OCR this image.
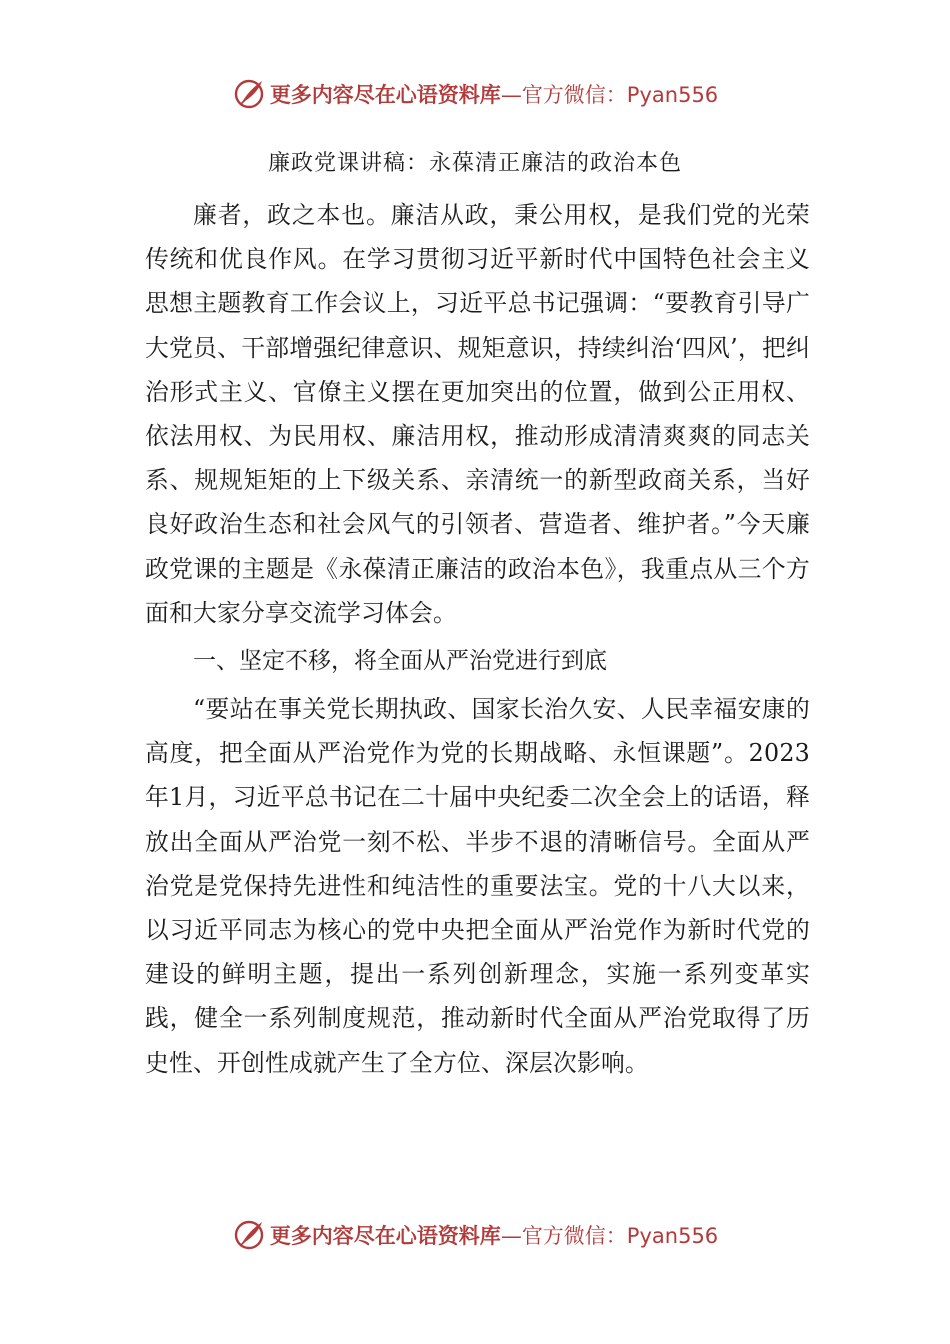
更多内容尽在心语资料库—官方微信：Pyan556
廉政党课讲稿：永葆清正廉洁的政治本色

廉者，政之本也。廉洁从政，秉公用权，是我们党的光荣传统和优良作风。在学习贯彻习近平新时代中国特色社会主义思想主题教育工作会议上，习近平总书记强调：“要教育引导广大党员、干部增强纪律意识、规矩意识，持续纠治‘四风’，把纠治形式主义、官僚主义摆在更加突出的位置，做到公正用权、依法用权、为民用权、廉洁用权，推动形成清清爽爽的同志关系、规规矩矩的上下级关系、亲清统一的新型政商关系，当好良好政治生态和社会风气的引领者、营造者、维护者。”今天廉政党课的主题是《永葆清正廉洁的政治本色》，我重点从三个方面和大家分享交流学习体会。

一、坚定不移，将全面从严治党进行到底

“要站在事关党长期执政、国家长治久安、人民幸福安康的高度，把全面从严治党作为党的长期战略、永恒课题”。2023年1月，习近平总书记在二十届中央纪委二次全会上的话语，释放出全面从严治党一刻不松、半步不退的清晰信号。全面从严治党是党保持先进性和纯洁性的重要法宝。党的十八大以来，以习近平同志为核心的党中央把全面从严治党作为新时代党的建设的鲜明主题，提出一系列创新理念，实施一系列变革实践，健全一系列制度规范，推动新时代全面从严治党取得了历史性、开创性成就产生了全方位、深层次影响。

更多内容尽在心语资料库—官方微信：Pyan556
